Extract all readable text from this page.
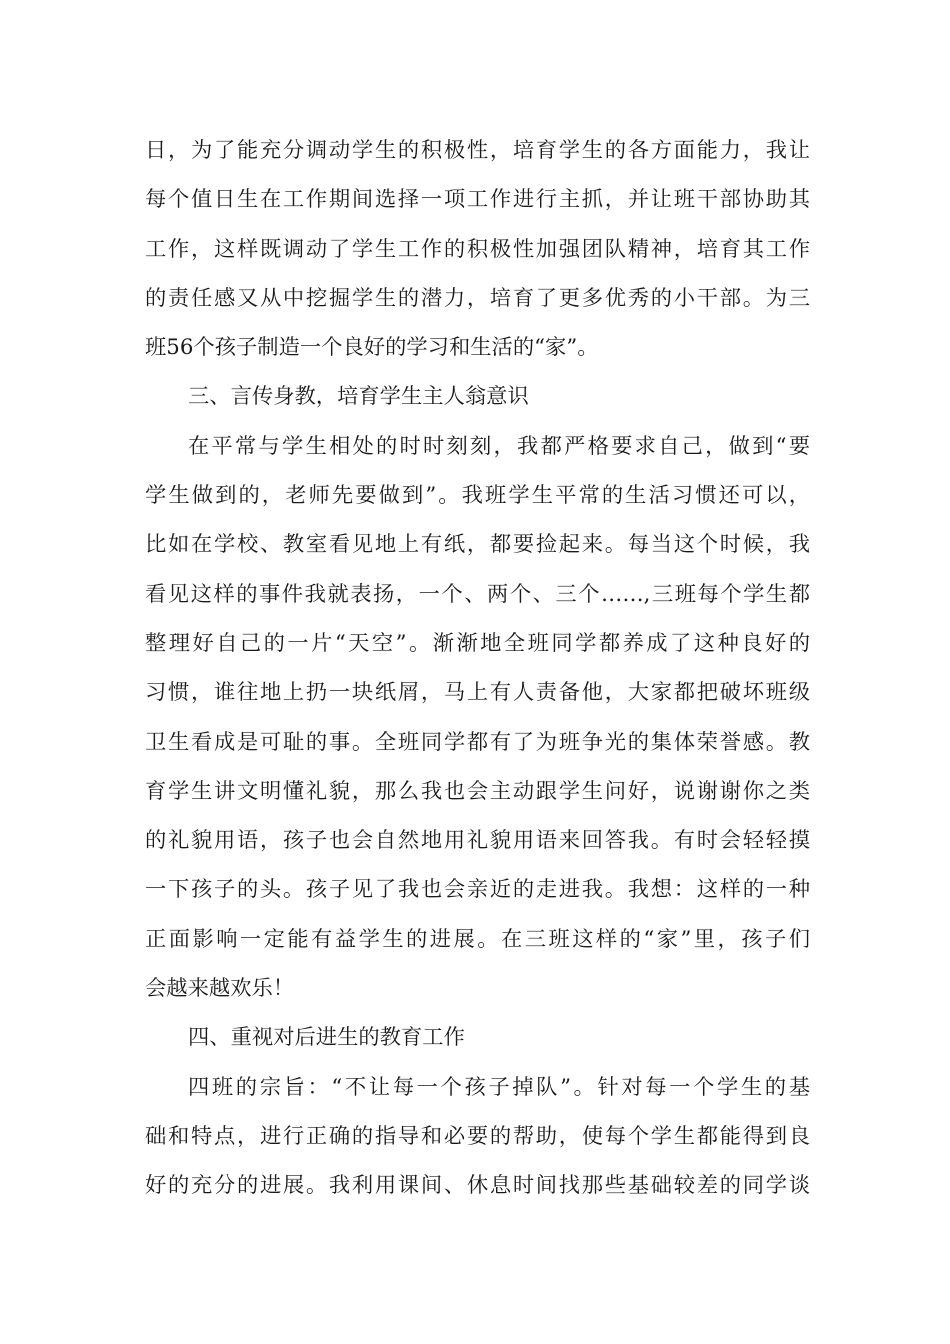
日，为了能充分调动学生的积极性，培育学生的各方面能力，我让
每个值日生在工作期间选择一项工作进行主抓，并让班干部协助其
工作，这样既调动了学生工作的积极性加强团队精神，培育其工作
的责任感又从中挖掘学生的潜力，培育了更多优秀的小干部。为三
班56个孩子制造一个良好的学习和生活的“家”。
三、言传身教，培育学生主人翁意识
在平常与学生相处的时时刻刻，我都严格要求自己，做到“要
学生做到的，老师先要做到”。我班学生平常的生活习惯还可以，
比如在学校、教室看见地上有纸，都要捡起来。每当这个时候，我
看见这样的事件我就表扬，一个、两个、三个……,三班每个学生都
整理好自己的一片“天空”。渐渐地全班同学都养成了这种良好的
习惯，谁往地上扔一块纸屑，马上有人责备他，大家都把破坏班级
卫生看成是可耻的事。全班同学都有了为班争光的集体荣誉感。教
育学生讲文明懂礼貌，那么我也会主动跟学生问好，说谢谢你之类
的礼貌用语，孩子也会自然地用礼貌用语来回答我。有时会轻轻摸
一下孩子的头。孩子见了我也会亲近的走进我。我想：这样的一种
正面影响一定能有益学生的进展。在三班这样的“家”里，孩子们
会越来越欢乐！
四、重视对后进生的教育工作
四班的宗旨：“不让每一个孩子掉队”。针对每一个学生的基
础和特点，进行正确的指导和必要的帮助，使每个学生都能得到良
好的充分的进展。我利用课间、休息时间找那些基础较差的同学谈
